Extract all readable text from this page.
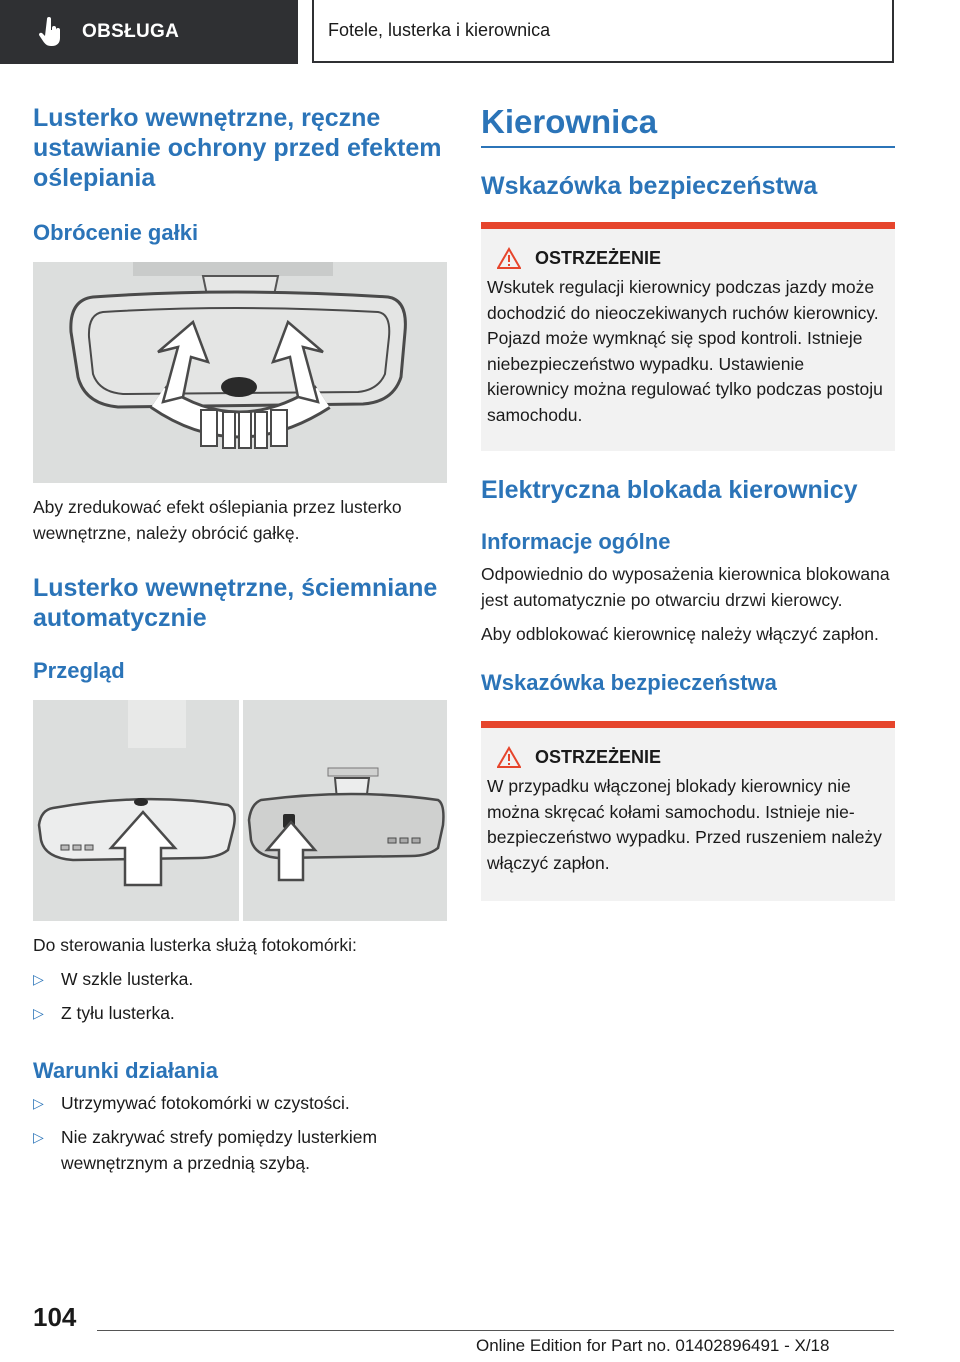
OBSŁUGA	Fotele, lusterka i kierownica
Lusterko wewnętrzne, ręczne ustawianie ochrony przed efektem oślepiania
Obrócenie gałki

Aby zredukować efekt oślepiania przez lusterko wewnętrzne, należy obrócić gałkę.

Lusterko wewnętrzne, ściemniane automatycznie
Przegląd

Do sterowania lusterka służą fotokomórki:

▷ W szkle lusterka.
▷ Z tyłu lusterka.
Warunki działania
▷ Utrzymywać fotokomórki w czystości.
▷ Nie zakrywać strefy pomiędzy lusterkiem wewnętrznym a przednią szybą.
Kierownica
Wskazówka bezpieczeństwa
OSTRZEŻENIE
Wskutek regulacji kierownicy podczas jazdy może dochodzić do nieoczekiwanych ruchów kierownicy. Pojazd może wymknąć się spod kontroli. Istnieje niebezpieczeństwo wypadku. Ustawienie kierownicy można regulować tylko podczas postoju samochodu.
Elektryczna blokada kierownicy
Informacje ogólne

Odpowiednio do wyposażenia kierownica blokowana jest automatycznie po otwarciu drzwi kierowcy.

Aby odblokować kierownicę należy włączyć zapłon.

Wskazówka bezpieczeństwa
OSTRZEŻENIE
W przypadku włączonej blokady kierownicy nie można skręcać kołami samochodu. Istnieje niebezpieczeństwo wypadku. Przed ruszeniem należy włączyć zapłon.
104
Online Edition for Part no. 01402896491 - X/18
